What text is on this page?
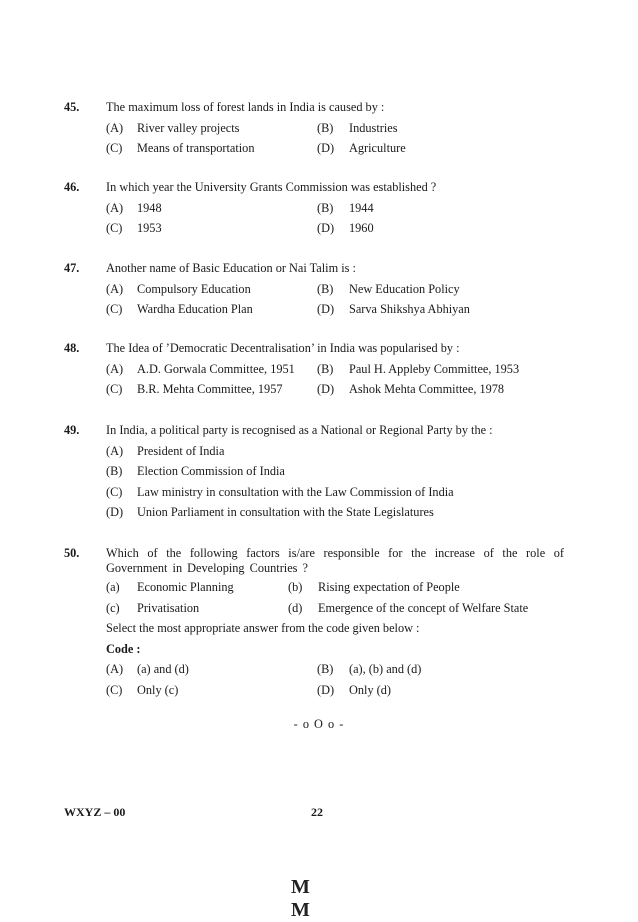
45. The maximum loss of forest lands in India is caused by :
(A) River valley projects	(B) Industries
(C) Means of transportation	(D) Agriculture
46. In which year the University Grants Commission was established ?
(A) 1948	(B) 1944
(C) 1953	(D) 1960
47. Another name of Basic Education or Nai Talim is :
(A) Compulsory Education	(B) New Education Policy
(C) Wardha Education Plan	(D) Sarva Shikshya Abhiyan
48. The Idea of ’Democratic Decentralisation’ in India was popularised by :
(A) A.D. Gorwala Committee, 1951 (B) Paul H. Appleby Committee, 1953
(C) B.R. Mehta Committee, 1957	(D) Ashok Mehta Committee, 1978
49. In India, a political party is recognised as a National or Regional Party by the :
(A) President of India
(B) Election Commission of India
(C) Law ministry in consultation with the Law Commission of India
(D) Union Parliament in consultation with the State Legislatures
50. Which of the following factors is/are responsible for the increase of the role of Government in Developing Countries ?
(a) Economic Planning	(b) Rising expectation of People
(c) Privatisation	(d) Emergence of the concept of Welfare State
Select the most appropriate answer from the code given below :
Code :
(A) (a) and (d)	(B) (a), (b) and (d)
(C) Only (c)	(D) Only (d)
- o O o -
WXYZ – 00	22
M M
